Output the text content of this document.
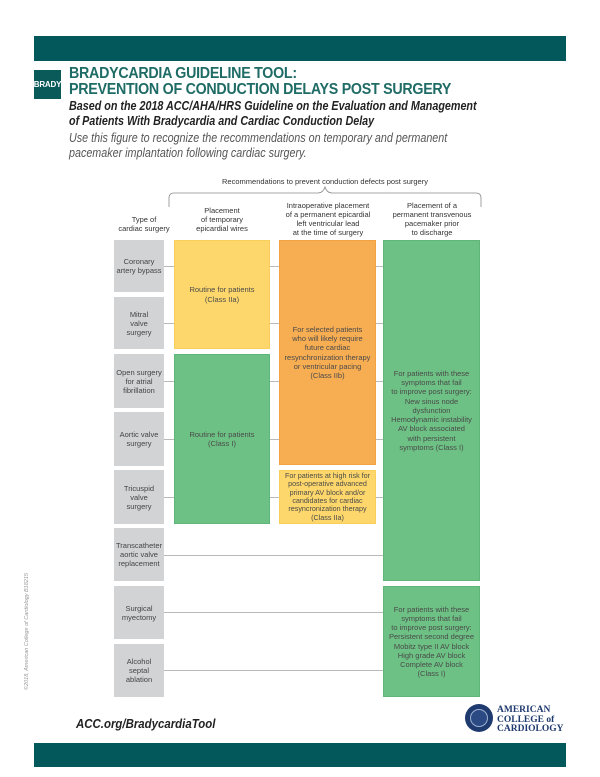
BRADY
BRADYCARDIA GUIDELINE TOOL:
PREVENTION OF CONDUCTION DELAYS POST SURGERY
Based on the 2018 ACC/AHA/HRS Guideline on the Evaluation and Management
of Patients With Bradycardia and Cardiac Conduction Delay
Use this figure to recognize the recommendations on temporary and permanent
pacemaker implantation following cardiac surgery.
Recommendations to prevent conduction defects post surgery
Type of
cardiac surgery
Placement
of temporary
epicardial wires
Intraoperative placement
of a permanent epicardial
left ventricular lead
at the time of surgery
Placement of a
permanent transvenous
pacemaker prior
to discharge
Coronary
artery bypass
Mitral
valve
surgery
Open surgery
for atrial
fibrillation
Aortic valve
surgery
Tricuspid
valve
surgery
Transcatheter
aortic valve
replacement
Surgical
myectomy
Alcohol
septal
ablation
Routine for patients
(Class IIa)
Routine for patients
(Class I)
For selected patients
who will likely require
future cardiac
resynchronization therapy
or ventricular pacing
(Class IIb)
For patients at high risk for
post-operative advanced
primary AV block and/or
candidates for cardiac
resyncronization therapy
(Class IIa)
For patients with these
symptoms that fail
to improve post surgery:
New sinus node
dysfunction
Hemodynamic instability
AV block associated
with persistent
symptoms (Class I)
For patients with these
symptoms that fail
to improve post surgery:
Persistent second degree
Mobitz type II AV block
High grade AV block
Complete AV block
(Class I)
©2018, American College of Cardiology B18215
ACC.org/BradycardiaTool
AMERICAN
COLLEGE of
CARDIOLOGY
